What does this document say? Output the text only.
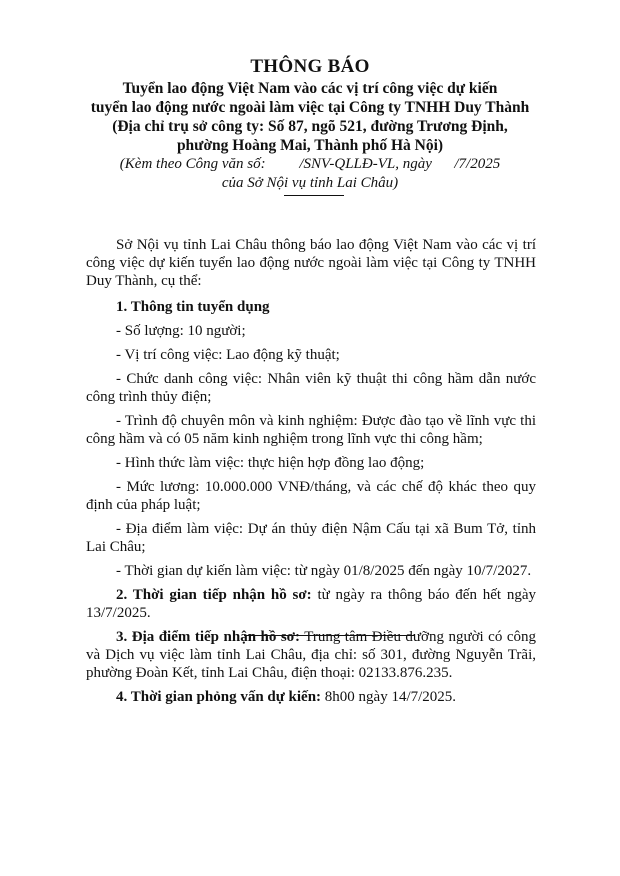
THÔNG BÁO

Tuyển lao động Việt Nam vào các vị trí công việc dự kiến

tuyển lao động nước ngoài làm việc tại Công ty TNHH Duy Thành

(Địa chỉ trụ sở công ty: Số 87, ngõ 521, đường Trương Định,

phường Hoàng Mai, Thành phố Hà Nội)

(Kèm theo Công văn số:         /SNV-QLLĐ-VL, ngày      /7/2025

của Sở Nội vụ tỉnh Lai Châu)

Sở Nội vụ tỉnh Lai Châu thông báo lao động Việt Nam vào các vị trí công việc dự kiến tuyển lao động nước ngoài làm việc tại Công ty TNHH Duy Thành, cụ thể:

1. Thông tin tuyển dụng

- Số lượng: 10 người;

- Vị trí công việc: Lao động kỹ thuật;

- Chức danh công việc: Nhân viên kỹ thuật thi công hầm dẫn nước công trình thủy điện;

- Trình độ chuyên môn và kinh nghiệm: Được đào tạo về lĩnh vực thi công hầm và có 05 năm kinh nghiệm trong lĩnh vực thi công hầm;

- Hình thức làm việc: thực hiện hợp đồng lao động;

- Mức lương: 10.000.000 VNĐ/tháng, và các chế độ khác theo quy định của pháp luật;

- Địa điểm làm việc: Dự án thủy điện Nậm Cấu tại xã Bum Tở, tỉnh Lai Châu;

- Thời gian dự kiến làm việc: từ ngày 01/8/2025 đến ngày 10/7/2027.

2. Thời gian tiếp nhận hồ sơ: từ ngày ra thông báo đến hết ngày 13/7/2025.

3. Địa điểm tiếp nhận hồ sơ: Trung tâm Điều dưỡng người có công và Dịch vụ việc làm tỉnh Lai Châu, địa chỉ: số 301, đường Nguyễn Trãi, phường Đoàn Kết, tỉnh Lai Châu, điện thoại: 02133.876.235.

4. Thời gian phỏng vấn dự kiến: 8h00 ngày 14/7/2025.
